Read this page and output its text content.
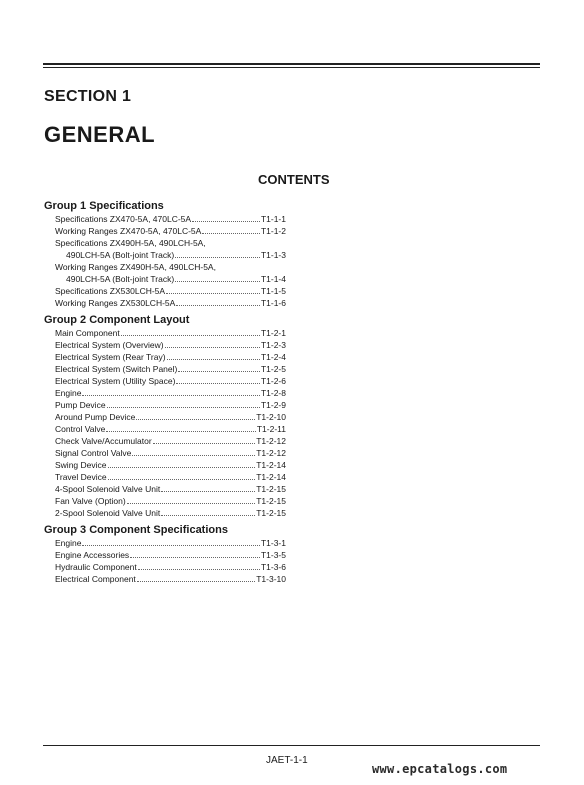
SECTION 1
GENERAL
CONTENTS
Group 1 Specifications
Specifications ZX470-5A, 470LC-5A	T1-1-1
Working Ranges ZX470-5A, 470LC-5A	T1-1-2
Specifications ZX490H-5A, 490LCH-5A,
490LCH-5A (Bolt-joint Track)	T1-1-3
Working Ranges ZX490H-5A, 490LCH-5A,
490LCH-5A (Bolt-joint Track)	T1-1-4
Specifications ZX530LCH-5A	T1-1-5
Working Ranges ZX530LCH-5A	T1-1-6
Group 2 Component Layout
Main Component	T1-2-1
Electrical System (Overview)	T1-2-3
Electrical System (Rear Tray)	T1-2-4
Electrical System (Switch Panel)	T1-2-5
Electrical System (Utility Space)	T1-2-6
Engine	T1-2-8
Pump Device	T1-2-9
Around Pump Device	T1-2-10
Control Valve	T1-2-11
Check Valve/Accumulator	T1-2-12
Signal Control Valve	T1-2-12
Swing Device	T1-2-14
Travel Device	T1-2-14
4-Spool Solenoid Valve Unit	T1-2-15
Fan Valve (Option)	T1-2-15
2-Spool Solenoid Valve Unit	T1-2-15
Group 3 Component Specifications
Engine	T1-3-1
Engine Accessories	T1-3-5
Hydraulic Component	T1-3-6
Electrical Component	T1-3-10
JAET-1-1
www.epcatalogs.com
